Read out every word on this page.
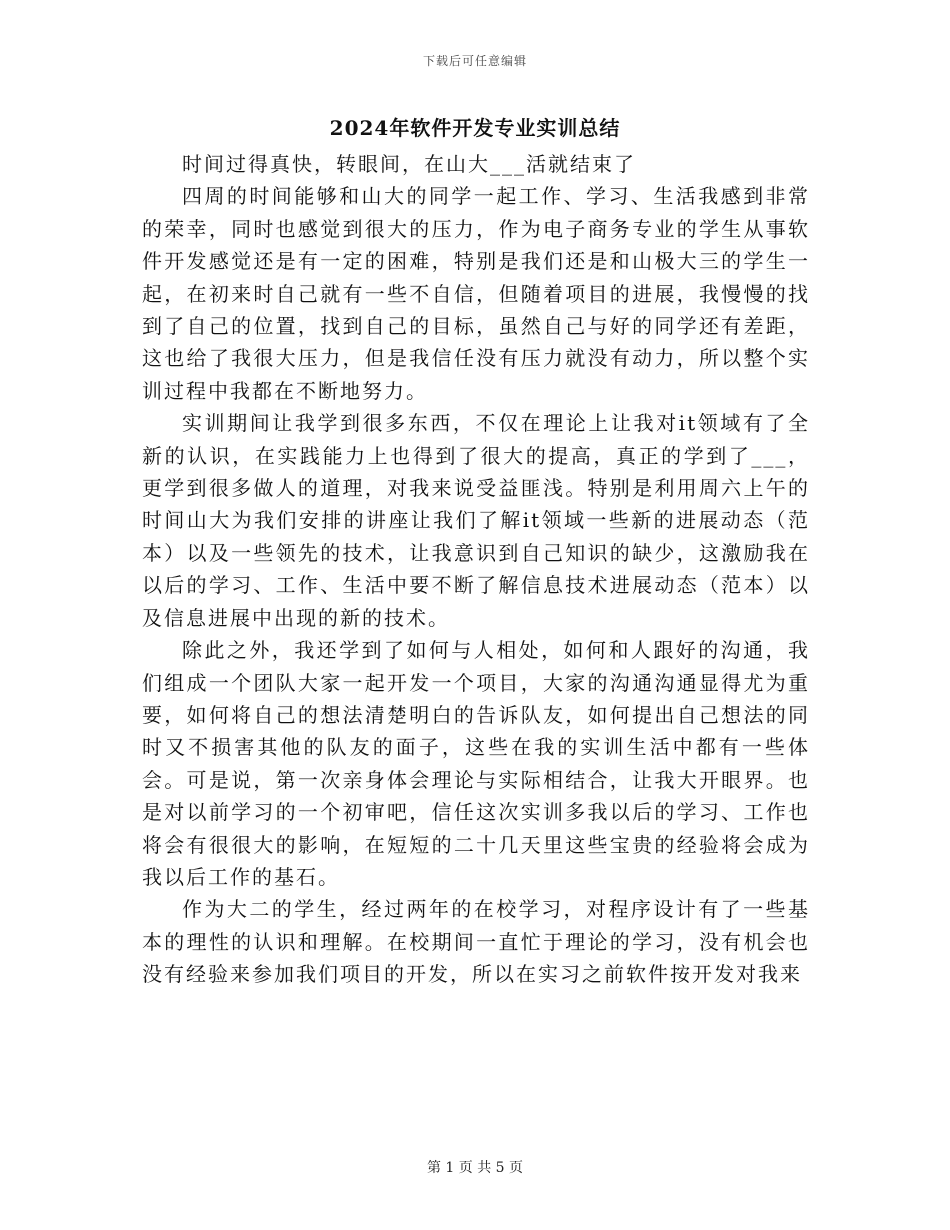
下载后可任意编辑
2024年软件开发专业实训总结

时间过得真快，转眼间，在山大___活就结束了

四周的时间能够和山大的同学一起工作、学习、生活我感到非常的荣幸，同时也感觉到很大的压力，作为电子商务专业的学生从事软件开发感觉还是有一定的困难，特别是我们还是和山极大三的学生一起，在初来时自己就有一些不自信，但随着项目的进展，我慢慢的找到了自己的位置，找到自己的目标，虽然自己与好的同学还有差距，这也给了我很大压力，但是我信任没有压力就没有动力，所以整个实训过程中我都在不断地努力。

实训期间让我学到很多东西，不仅在理论上让我对it领域有了全新的认识，在实践能力上也得到了很大的提高，真正的学到了___，更学到很多做人的道理，对我来说受益匪浅。特别是利用周六上午的时间山大为我们安排的讲座让我们了解it领域一些新的进展动态（范本）以及一些领先的技术，让我意识到自己知识的缺少，这激励我在以后的学习、工作、生活中要不断了解信息技术进展动态（范本）以及信息进展中出现的新的技术。

除此之外，我还学到了如何与人相处，如何和人跟好的沟通，我们组成一个团队大家一起开发一个项目，大家的沟通沟通显得尤为重要，如何将自己的想法清楚明白的告诉队友，如何提出自己想法的同时又不损害其他的队友的面子，这些在我的实训生活中都有一些体会。可是说，第一次亲身体会理论与实际相结合，让我大开眼界。也是对以前学习的一个初审吧，信任这次实训多我以后的学习、工作也将会有很很大的影响，在短短的二十几天里这些宝贵的经验将会成为我以后工作的基石。

作为大二的学生，经过两年的在校学习，对程序设计有了一些基本的理性的认识和理解。在校期间一直忙于理论的学习，没有机会也没有经验来参加我们项目的开发，所以在实习之前软件按开发对我来

第 1 页 共 5 页
